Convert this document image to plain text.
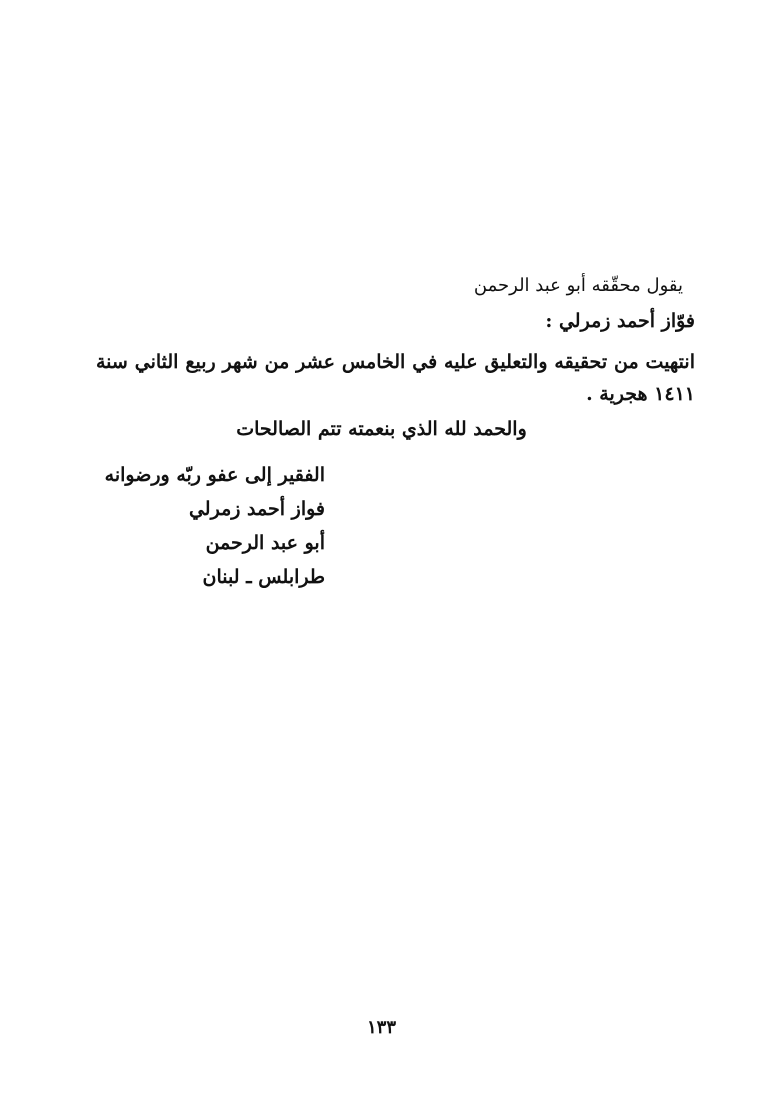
يقول محقّقه أبو عبد الرحمن
فوّاز أحمد زمرلي :
انتهيت من تحقيقه والتعليق عليه في الخامس عشر من شهر ربيع الثاني سنة ١٤١١ هجرية .
والحمد لله الذي بنعمته تتم الصالحات
الفقير إلى عفو ربّه ورضوانه
فواز أحمد زمرلي
أبو عبد الرحمن
طرابلس ـ لبنان
١٣٣
